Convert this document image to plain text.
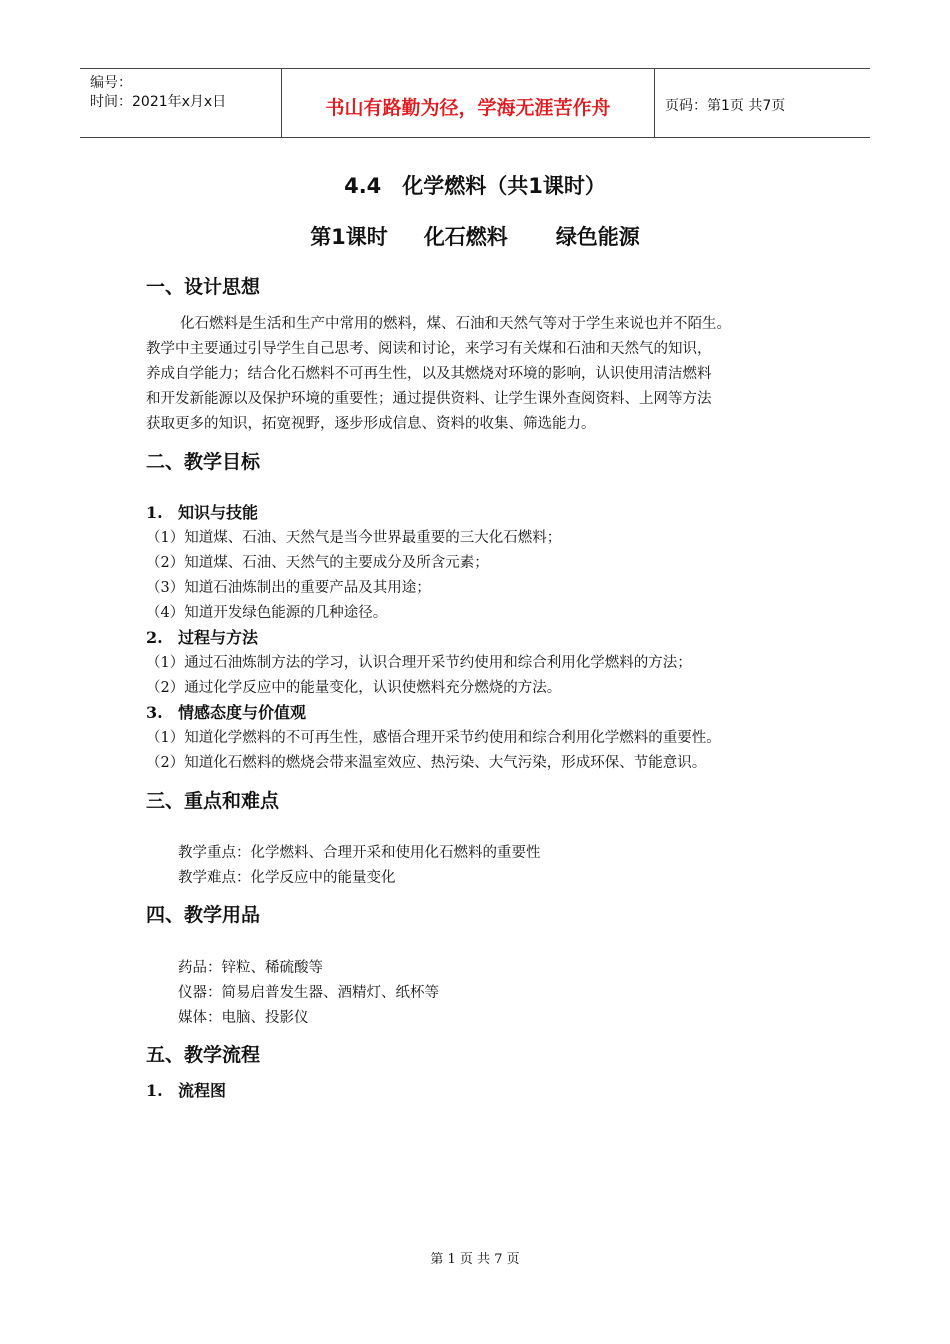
编号：
时间：2021年x月x日	书山有路勤为径，学海无涯苦作舟	页码：第1页 共7页
4.4　化学燃料（共1课时）
第1课时 化石燃料 绿色能源
一、设计思想
化石燃料是生活和生产中常用的燃料，煤、石油和天然气等对于学生来说也并不陌生。
教学中主要通过引导学生自己思考、阅读和讨论，来学习有关煤和石油和天然气的知识，
养成自学能力；结合化石燃料不可再生性，以及其燃烧对环境的影响，认识使用清洁燃料
和开发新能源以及保护环境的重要性；通过提供资料、让学生课外查阅资料、上网等方法
获取更多的知识，拓宽视野，逐步形成信息、资料的收集、筛选能力。
二、教学目标
1. 知识与技能
（1）知道煤、石油、天然气是当今世界最重要的三大化石燃料；
（2）知道煤、石油、天然气的主要成分及所含元素；
（3）知道石油炼制出的重要产品及其用途；
（4）知道开发绿色能源的几种途径。
2. 过程与方法
（1）通过石油炼制方法的学习，认识合理开采节约使用和综合利用化学燃料的方法；
（2）通过化学反应中的能量变化，认识使燃料充分燃烧的方法。
3. 情感态度与价值观
（1）知道化学燃料的不可再生性，感悟合理开采节约使用和综合利用化学燃料的重要性。
（2）知道化石燃料的燃烧会带来温室效应、热污染、大气污染，形成环保、节能意识。
三、重点和难点
教学重点：化学燃料、合理开采和使用化石燃料的重要性
教学难点：化学反应中的能量变化
四、教学用品
药品：锌粒、稀硫酸等
仪器：简易启普发生器、酒精灯、纸杯等
媒体：电脑、投影仪
五、教学流程
1. 流程图
第 1 页 共 7 页
